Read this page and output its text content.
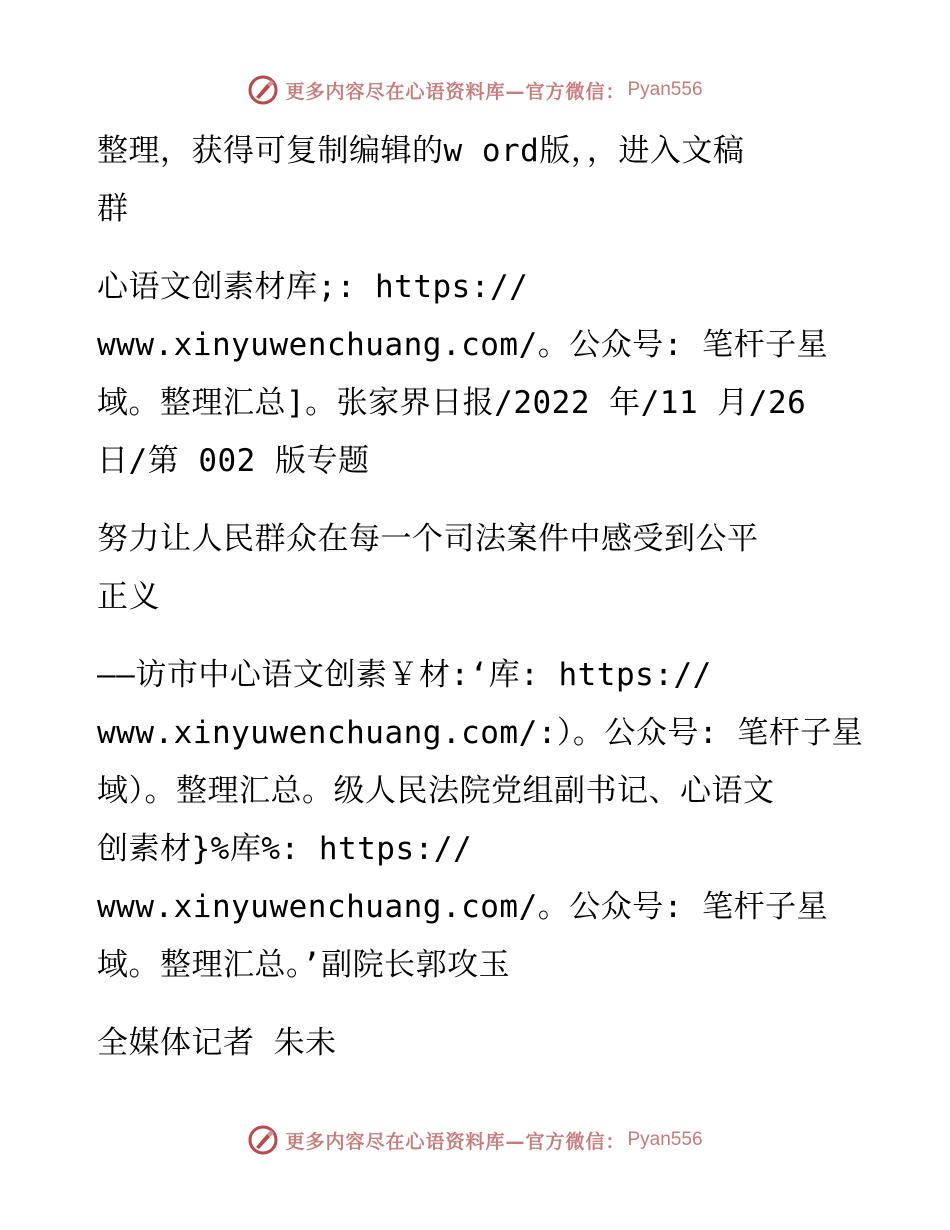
更多内容尽在心语资料库—官方微信： Pyan556
整理，获得可复制编辑的w ord版，，进入文稿
群
心语文创素材库;: https://
www.xinyuwenchuang.com/。公众号: 笔杆子星
域。整理汇总]。张家界日报/2022 年/11 月/26
日/第 002 版专题
努力让人民群众在每一个司法案件中感受到公平
正义
——访市中心语文创素￥材:‘库: https://
www.xinyuwenchuang.com/:）。公众号: 笔杆子星
域）。整理汇总。级人民法院党组副书记、心语文
创素材}%库%: https://
www.xinyuwenchuang.com/。公众号: 笔杆子星
域。整理汇总。’副院长郭攻玉
全媒体记者 朱未
更多内容尽在心语资料库—官方微信： Pyan556
